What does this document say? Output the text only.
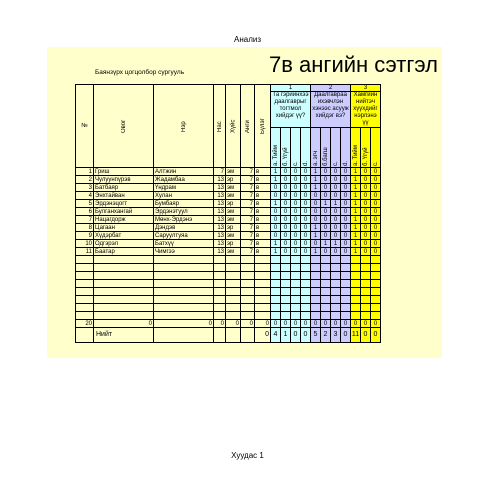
Анализ
Баянзүрх цогцолбор сургууль	7в ангийн сэтгэл
№	Овог	Нэр	Нас	Хүйс	Анги	Бүлэг	1				2				3		
							Та гэрийнхээ даалгаврыг тогтмол хийдэг үү?				Даалгавраа ихэвчлэн хэнээс асууж хийдэг вэ?				Хамгийн нийтэч хүүхдийг нэрлэнэ үү		
							а. Тийм	б. Үгүй	с.	d.	а. эгч	б.багш	с.	d.	а. Тийм	б. Үгүй	с.
1	Гриш	Алтжин	7	эм	7	в	1	0	0	0	1	0	0	0	1	0	0
2	Чулуунпүрэв	Жадамбаа	13	эр	7	в	1	0	0	0	1	0	0	0	1	0	0
3	Батбаяр	Үндрам	13	эм	7	в	0	0	0	0	1	0	0	0	1	0	0
4	Энхтайван	Хулан	13	эм	7	в	0	0	0	0	0	0	0	0	1	0	0
5	Эрдэнэцогт	Бумбаяр	13	эр	7	в	1	0	0	0	0	1	1	0	1	0	0
6	Булганхангай	Эрдэнэтуул	13	эм	7	в	0	0	0	0	0	0	0	0	1	0	0
7	Нацагдорж	Мөнх-Эрдэнэ	13	эм	7	в	0	0	0	0	0	0	0	0	1	0	0
8	Цагаан	Дэндэв	13	эр	7	в	0	0	0	0	1	0	0	0	1	0	0
9	Хүдэрбат	Саруултуяа	13	эм	7	в	0	0	0	0	1	0	0	0	1	0	0
10	Одгэрэл	Батхүү	13	эр	7	в	1	0	0	0	0	1	1	0	1	0	0
11	Баатар	Чимгээ	13	эм	7	в	1	0	0	0	1	0	0	0	1	0	0

20	0	0	0	0	0	0	0	0	0	0	0	0	0	0	0	0	0
	Нийт					0	4	1	0	0	5	2	3	0	11	0	0
Хуудас 1
